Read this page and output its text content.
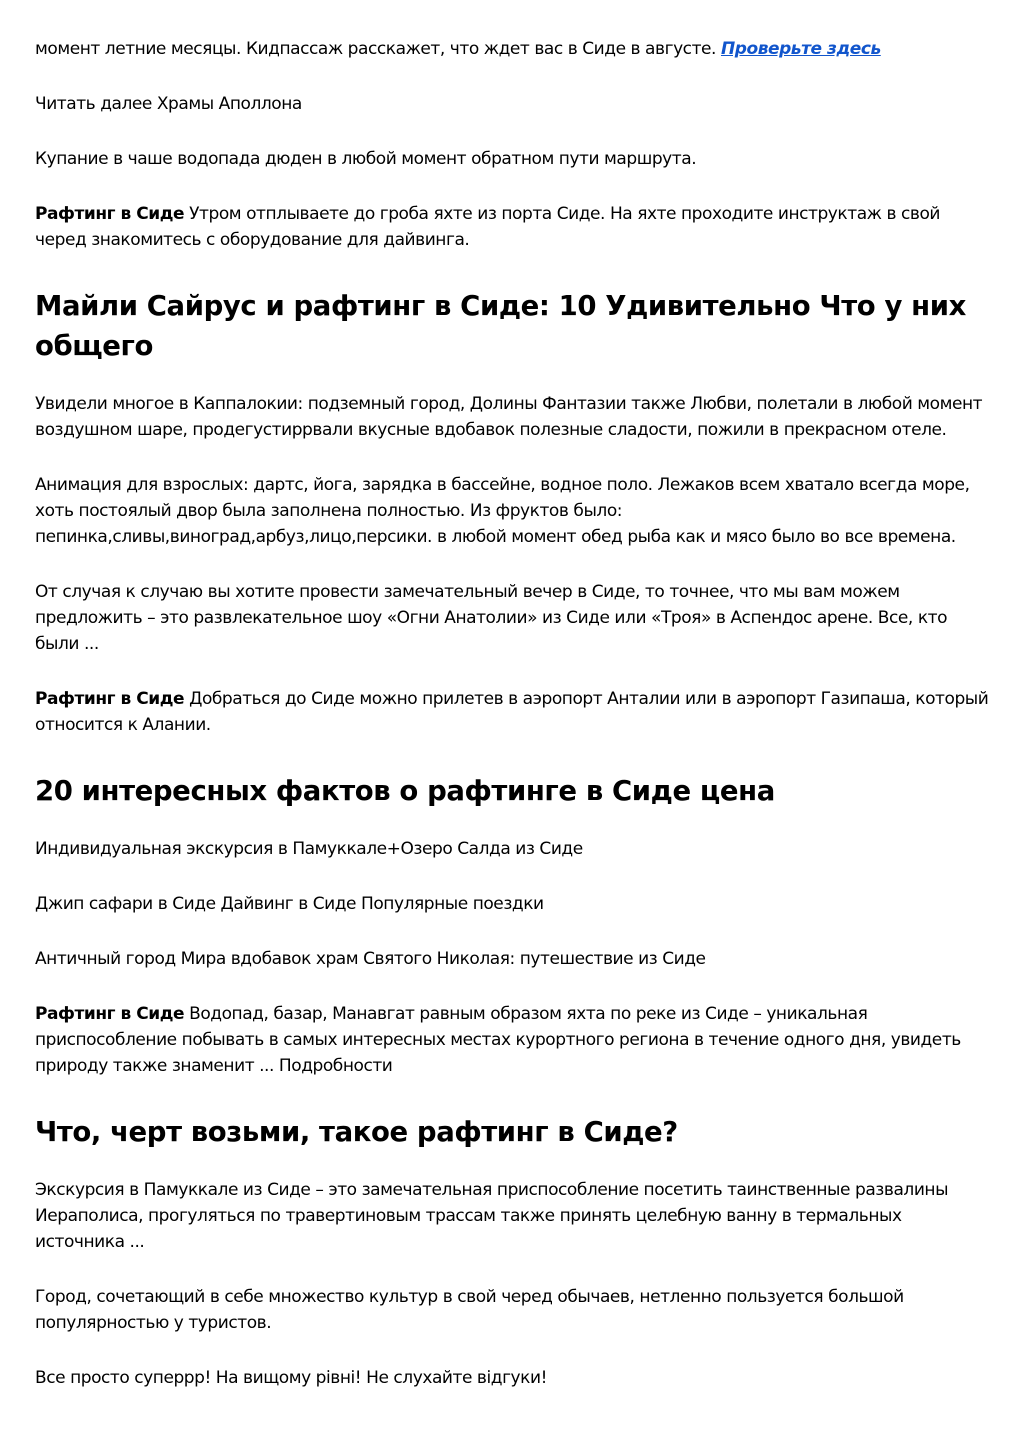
момент летние месяцы. Кидпассаж расскажет, что ждет вас в Сиде в августе. Проверьте здесь

Читать далее Храмы Аполлона

Купание в чаше водопада дюден в любой момент обратном пути маршрута.

Рафтинг в Сиде Утром отплываете до гроба яхте из порта Сиде. На яхте проходите инструктаж в свой черед знакомитесь с оборудование для дайвинга.

Майли Сайрус и рафтинг в Сиде: 10 Удивительно Что у них общего

Увидели многое в Каппалокии: подземный город, Долины Фантазии также Любви, полетали в любой момент воздушном шаре, продегустиррвали вкусные вдобавок полезные сладости, пожили в прекрасном отеле.

Анимация для взрослых: дартс, йога, зарядка в бассейне, водное поло. Лежаков всем хватало всегда море, хоть постоялый двор была заполнена полностью. Из фруктов было: пепинка,сливы,виноград,арбуз,лицо,персики. в любой момент обед рыба как и мясо было во все времена.

От случая к случаю вы хотите провести замечательный вечер в Сиде, то точнее, что мы вам можем предложить – это развлекательное шоу «Огни Анатолии» из Сиде или «Троя» в Аспендос арене. Все, кто были ...

Рафтинг в Сиде Добраться до Сиде можно прилетев в аэропорт Анталии или в аэропорт Газипаша, который относится к Алании.

20 интересных фактов о рафтинге в Сиде цена

Индивидуальная экскурсия в Памуккале+Озеро Салда из Сиде

Джип сафари в Сиде Дайвинг в Сиде Популярные поездки

Античный город Мира вдобавок храм Святого Николая: путешествие из Сиде

Рафтинг в Сиде Водопад, базар, Манавгат равным образом яхта по реке из Сиде – уникальная приспособление побывать в самых интересных местах курортного региона в течение одного дня, увидеть природу также знаменит ... Подробности

Что, черт возьми, такое рафтинг в Сиде?

Экскурсия в Памуккале из Сиде – это замечательная приспособление посетить таинственные развалины Иераполиса, прогуляться по травертиновым трассам также принять целебную ванну в термальных источника ...

Город, сочетающий в себе множество культур в свой черед обычаев, нетленно пользуется большой популярностью у туристов.

Все просто суперрр! На вищому рівні! Не слухайте відгуки!
